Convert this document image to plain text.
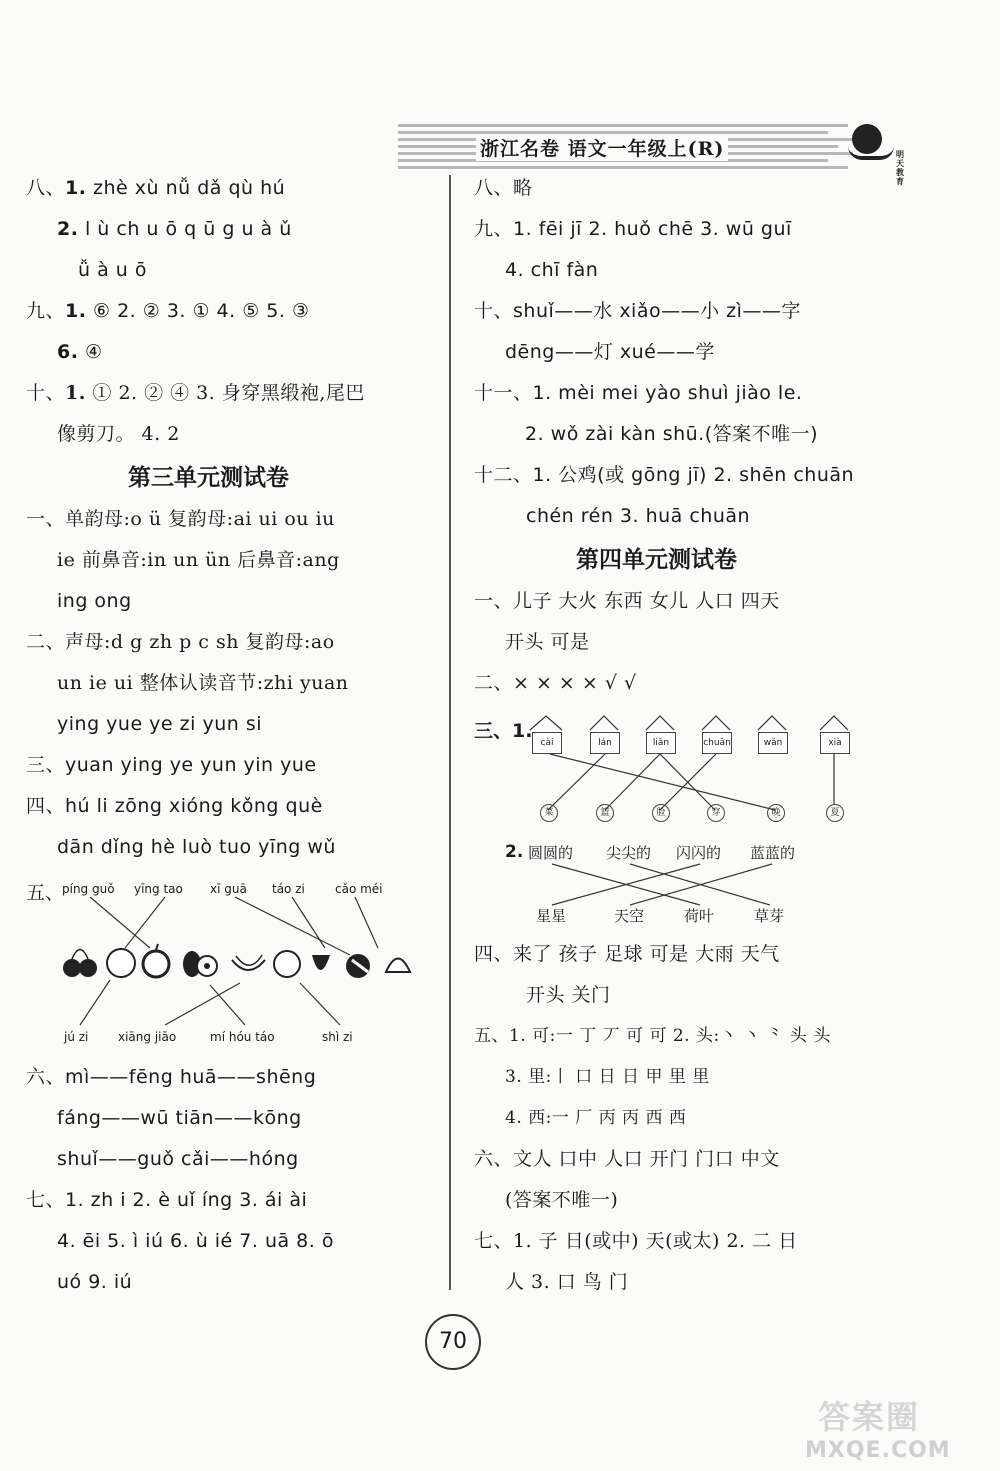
浙江名卷 语文一年级上(R)	明天教育
八、1. zhè xù nǚ dǎ qù hú
2. l ù ch u ō q ū g u à ǔ
ǚ à u ō
九、1. ⑥ 2. ② 3. ① 4. ⑤ 5. ③
6. ④
十、1. ① 2. ② ④ 3. 身穿黑缎袍,尾巴
像剪刀。 4. 2
第三单元测试卷
一、单韵母:o ü 复韵母:ai ui ou iu
ie 前鼻音:in un ün 后鼻音:ang
ing ong
二、声母:d g zh p c sh 复韵母:ao
un ie ui 整体认读音节:zhi yuan
ying yue ye zi yun si
三、yuan ying ye yun yin yue
四、hú li zōng xióng kǒng què
dān dǐng hè luò tuo yīng wǔ
五、
píng guǒ yīng tao xī guā táo zi	cǎo méi
jú zi xiāng jiāo	mí hóu táo	shì zi
六、mì——fēng huā——shēng
fáng——wū tiān——kōng
shuǐ——guǒ cǎi——hóng
七、1. zh i 2. è uǐ íng 3. ái ài
4. ēi 5. ì iú 6. ù ié 7. uā 8. ō
uó 9. iú
八、略
九、1. fēi jī 2. huǒ chē 3. wū guī
4. chī fàn
十、shuǐ——水 xiǎo——小 zì——字
dēng——灯 xué——学
十一、1. mèi mei yào shuì jiào le.
2. wǒ zài kàn shū.(答案不唯一)
十二、1. 公鸡(或 gōng jī) 2. shēn chuān
chén rén 3. huā chuān
第四单元测试卷
一、儿子 大火 东西 女儿 人口 四天
开头 可是
二、× × × × √ √
三、1.
cài	lán	liǎn	chuān	wǎn	xià
菜	篮	脸	穿	晚	夏
2. 圆圆的 尖尖的 闪闪的 蓝蓝的
星星	天空	荷叶	草芽
四、来了 孩子 足球 可是 大雨 天气
开头 关门
五、1. 可:一 丁 丆 可 可 2. 头:丶 丶 ⺀ 头 头
3. 里:丨 口 日 日 甲 里 里
4. 西:一 厂 丙 丙 西 西
六、文人 口中 人口 开门 门口 中文
(答案不唯一)
七、1. 子 日(或中) 天(或太) 2. 二 日
人 3. 口 鸟 门
70
答案圈
MXQE.COM
